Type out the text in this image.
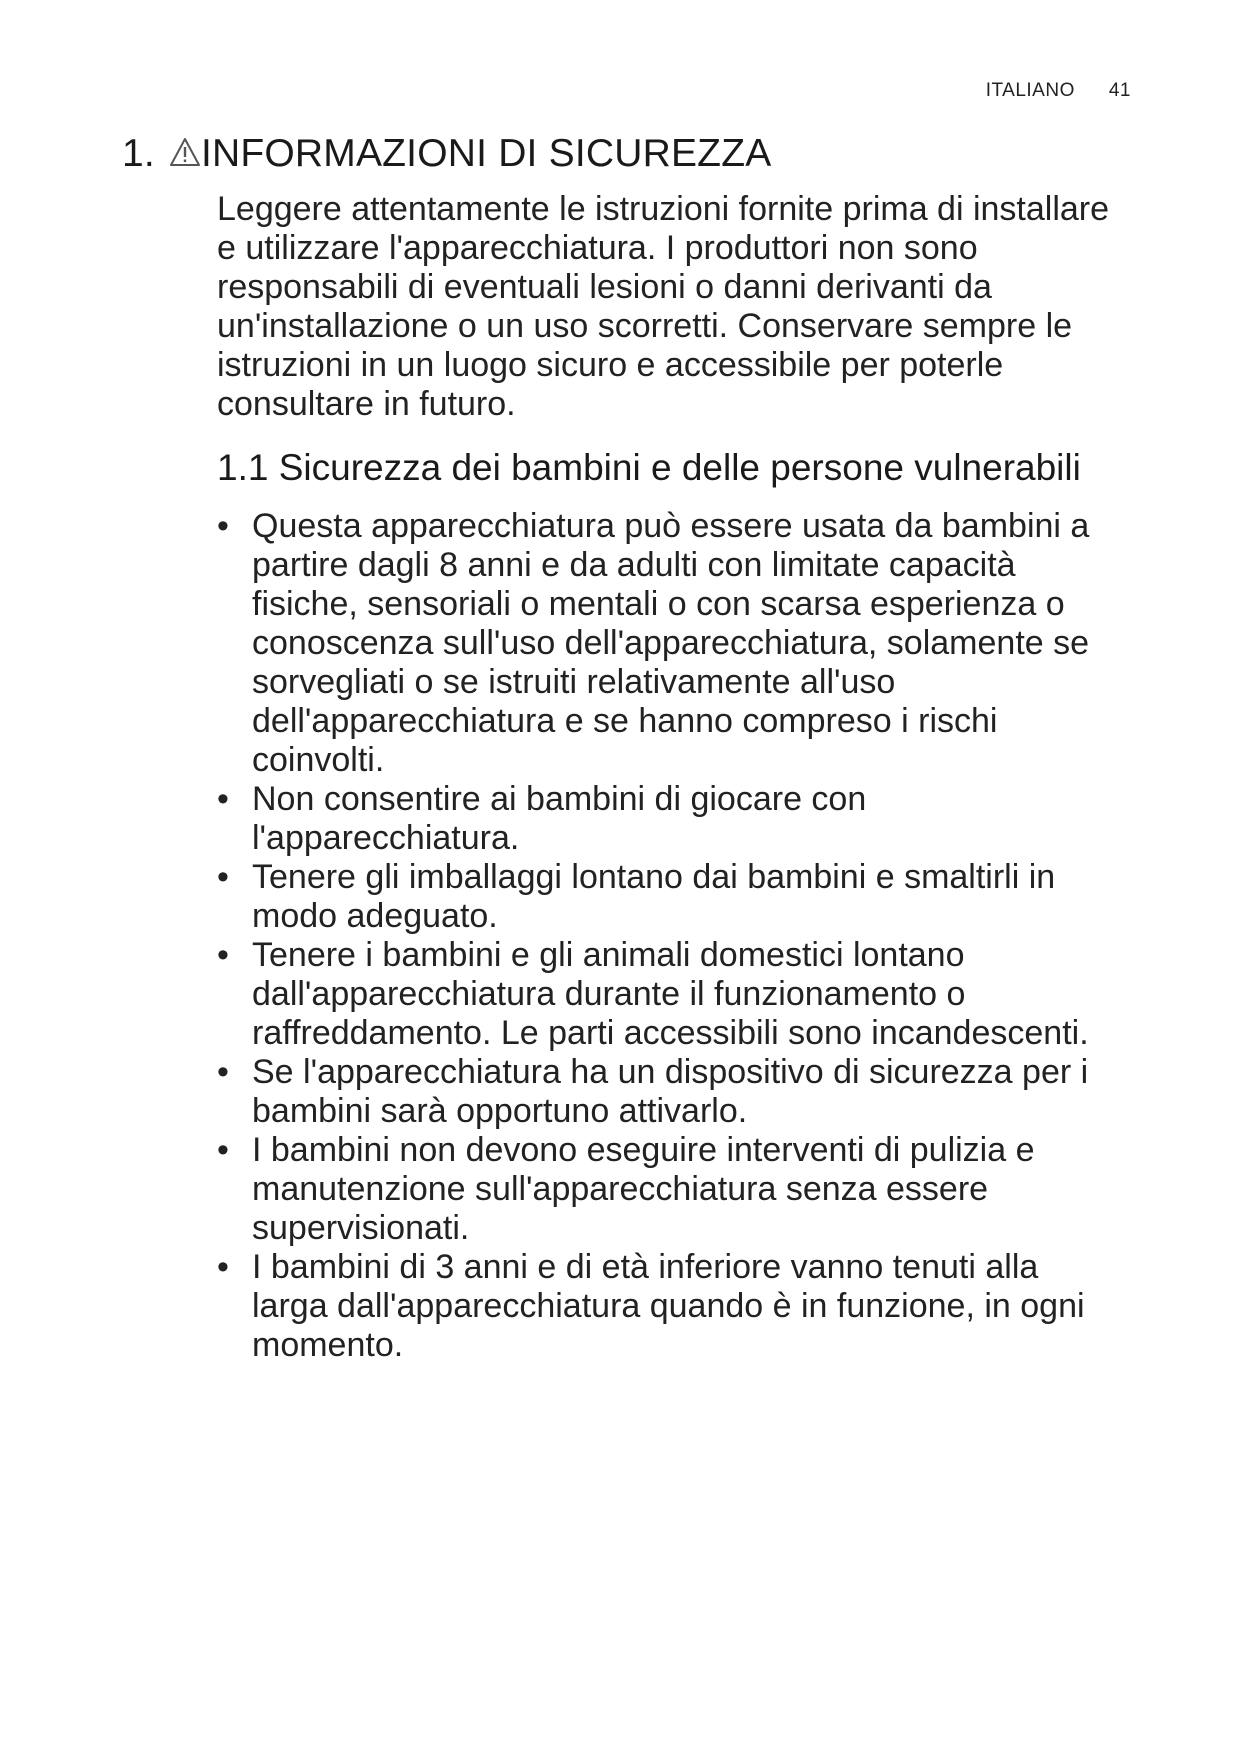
ITALIANO 41
1. INFORMAZIONI DI SICUREZZA

Leggere attentamente le istruzioni fornite prima di installare e utilizzare l'apparecchiatura. I produttori non sono responsabili di eventuali lesioni o danni derivanti da un'installazione o un uso scorretti. Conservare sempre le istruzioni in un luogo sicuro e accessibile per poterle consultare in futuro.

1.1 Sicurezza dei bambini e delle persone vulnerabili
• Questa apparecchiatura può essere usata da bambini a partire dagli 8 anni e da adulti con limitate capacità fisiche, sensoriali o mentali o con scarsa esperienza o conoscenza sull'uso dell'apparecchiatura, solamente se sorvegliati o se istruiti relativamente all'uso dell'apparecchiatura e se hanno compreso i rischi coinvolti.
• Non consentire ai bambini di giocare con l'apparecchiatura.
• Tenere gli imballaggi lontano dai bambini e smaltirli in modo adeguato.
• Tenere i bambini e gli animali domestici lontano dall'apparecchiatura durante il funzionamento o raffreddamento. Le parti accessibili sono incandescenti.
• Se l'apparecchiatura ha un dispositivo di sicurezza per i bambini sarà opportuno attivarlo.
• I bambini non devono eseguire interventi di pulizia e manutenzione sull'apparecchiatura senza essere supervisionati.
• I bambini di 3 anni e di età inferiore vanno tenuti alla larga dall'apparecchiatura quando è in funzione, in ogni momento.
